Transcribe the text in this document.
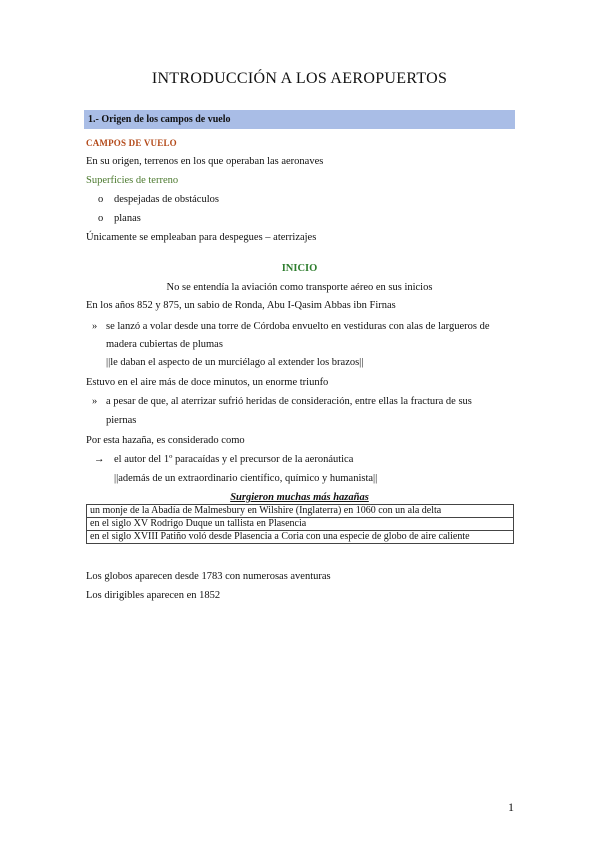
INTRODUCCIÓN A LOS AEROPUERTOS
1.- Origen de los campos de vuelo
CAMPOS DE VUELO
En su origen, terrenos en los que operaban las aeronaves
Superficies de terreno
o despejadas de obstáculos
o planas
Únicamente se empleaban para despegues – aterrizajes
INICIO
No se entendía la aviación como transporte aéreo en sus inicios
En los años 852 y 875, un sabio de Ronda, Abu I-Qasim Abbas ibn Firnas
» se lanzó a volar desde una torre de Córdoba envuelto en vestiduras con alas de largueros de
madera cubiertas de plumas
||le daban el aspecto de un murciélago al extender los brazos||
Estuvo en el aire más de doce minutos, un enorme triunfo
» a pesar de que, al aterrizar sufrió heridas de consideración, entre ellas la fractura de sus
piernas
Por esta hazaña, es considerado como
→ el autor del 1º paracaídas y el precursor de la aeronáutica
||además de un extraordinario científico, químico y humanista||
Surgieron muchas más hazañas
un monje de la Abadía de Malmesbury en Wilshire (Inglaterra) en 1060 con un ala delta
en el siglo XV Rodrigo Duque un tallista en Plasencia
en el siglo XVIII Patiño voló desde Plasencia a Coria con una especie de globo de aire caliente
Los globos aparecen desde 1783 con numerosas aventuras
Los dirigibles aparecen en 1852
1
